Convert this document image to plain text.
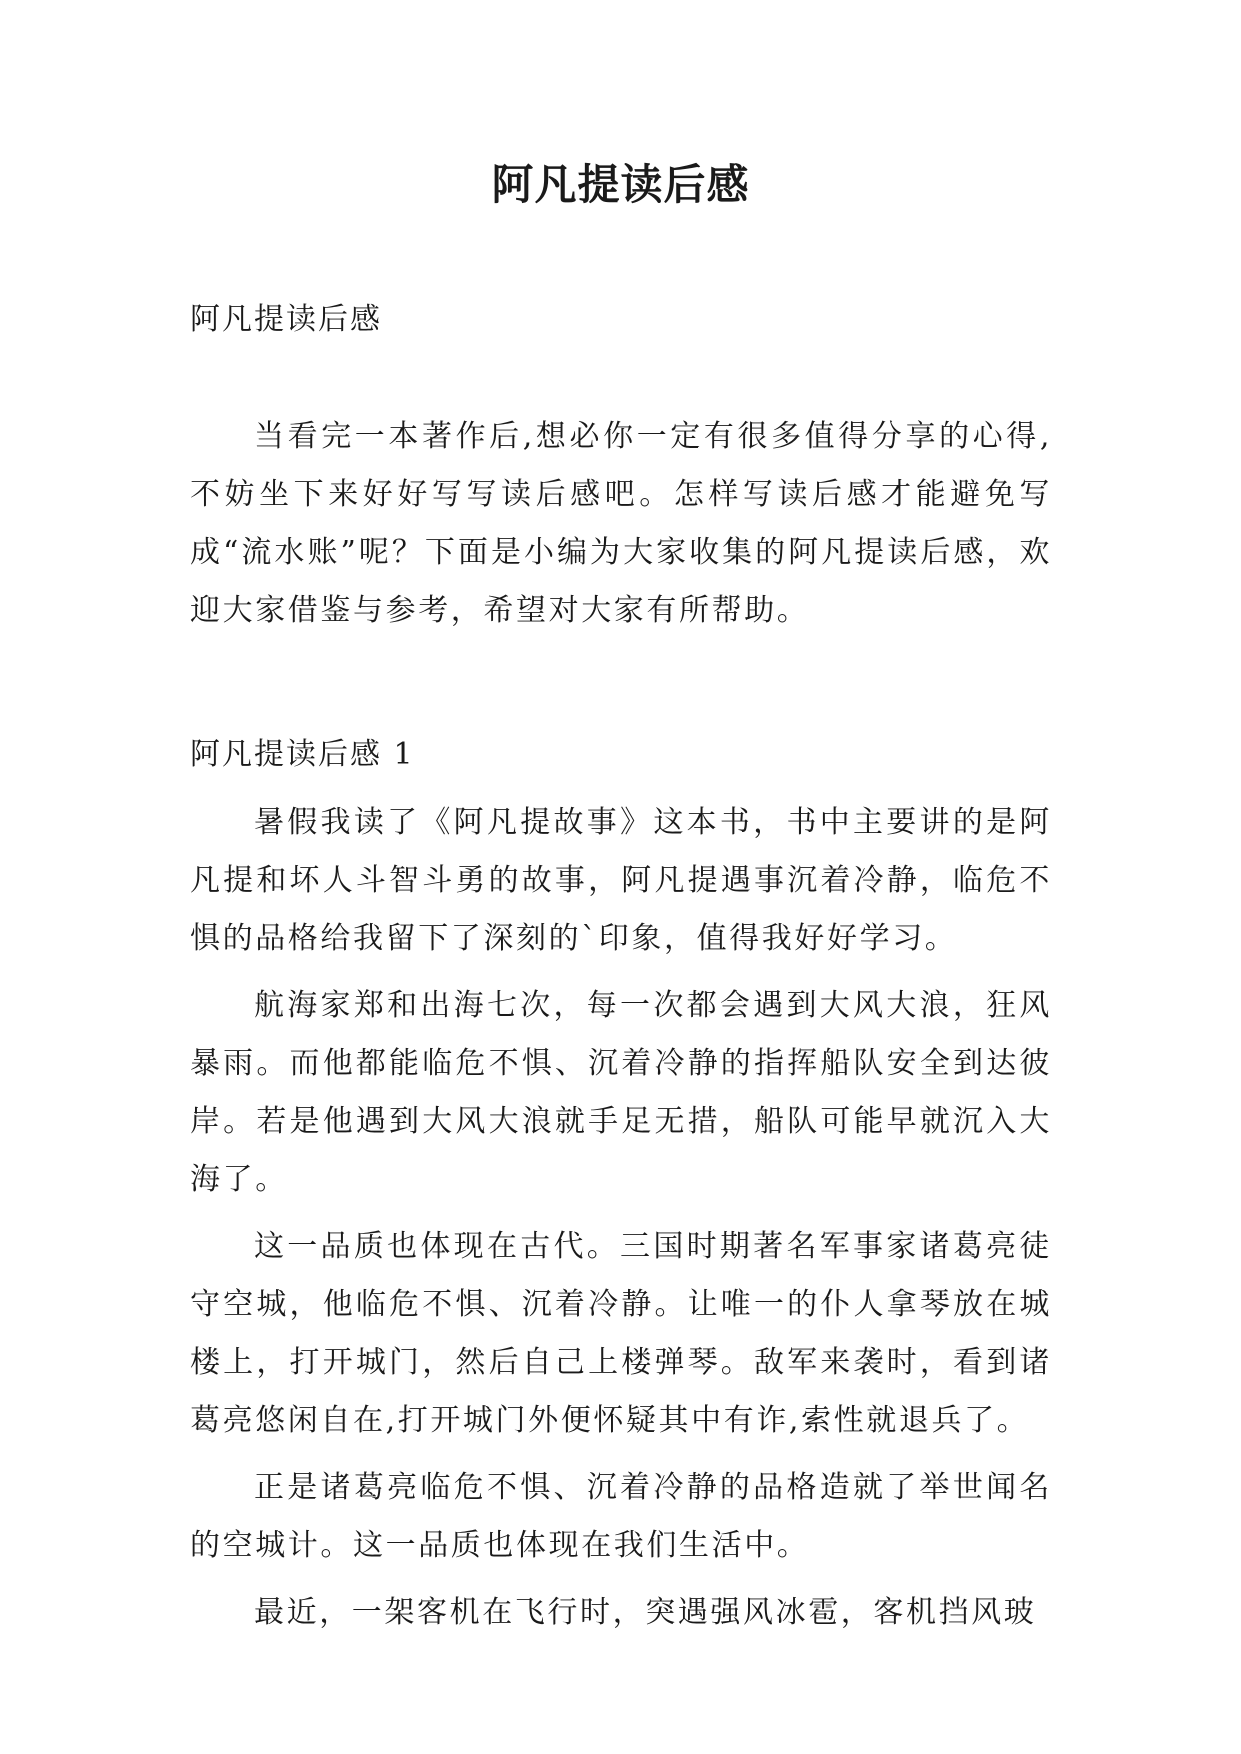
阿凡提读后感

阿凡提读后感

当看完一本著作后,想必你一定有很多值得分享的心得,不妨坐下来好好写写读后感吧。怎样写读后感才能避免写成“流水账”呢？下面是小编为大家收集的阿凡提读后感，欢迎大家借鉴与参考，希望对大家有所帮助。

阿凡提读后感 1

暑假我读了《阿凡提故事》这本书，书中主要讲的是阿凡提和坏人斗智斗勇的故事，阿凡提遇事沉着冷静，临危不惧的品格给我留下了深刻的`印象，值得我好好学习。

航海家郑和出海七次，每一次都会遇到大风大浪，狂风暴雨。而他都能临危不惧、沉着冷静的指挥船队安全到达彼岸。若是他遇到大风大浪就手足无措，船队可能早就沉入大海了。

这一品质也体现在古代。三国时期著名军事家诸葛亮徒守空城，他临危不惧、沉着冷静。让唯一的仆人拿琴放在城楼上，打开城门，然后自己上楼弹琴。敌军来袭时，看到诸葛亮悠闲自在,打开城门外便怀疑其中有诈,索性就退兵了。

正是诸葛亮临危不惧、沉着冷静的品格造就了举世闻名的空城计。这一品质也体现在我们生活中。

最近，一架客机在飞行时，突遇强风冰雹，客机挡风玻
